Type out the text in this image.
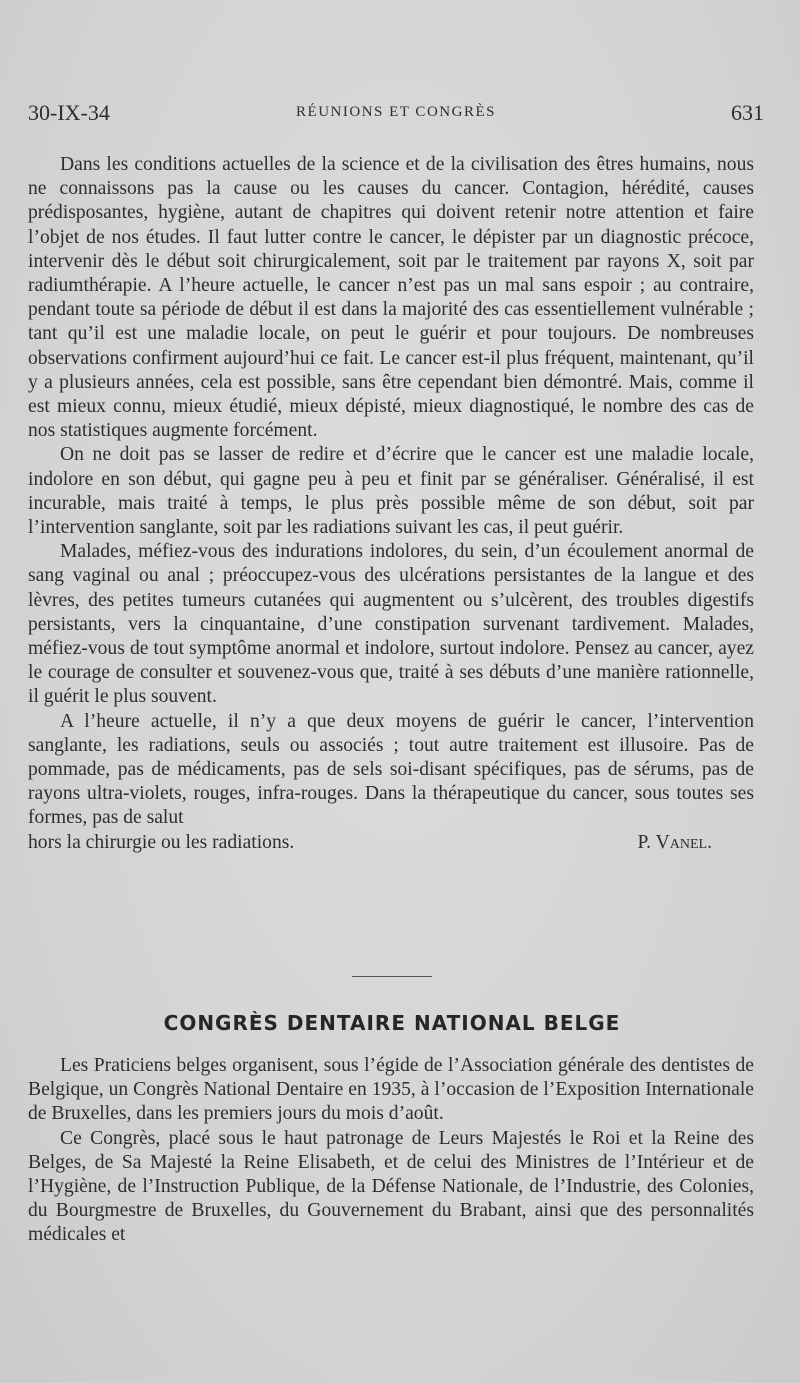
30-IX-34	RÉUNIONS ET CONGRÈS	631

Dans les conditions actuelles de la science et de la civilisation des êtres humains, nous ne connaissons pas la cause ou les causes du cancer. Contagion, hérédité, causes prédisposantes, hygiène, autant de chapitres qui doivent retenir notre attention et faire l’objet de nos études. Il faut lutter contre le cancer, le dépister par un diagnostic précoce, intervenir dès le début soit chirurgicalement, soit par le traitement par rayons X, soit par radiumthérapie. A l’heure actuelle, le cancer n’est pas un mal sans espoir ; au contraire, pendant toute sa période de début il est dans la majorité des cas essentiellement vulnérable ; tant qu’il est une maladie locale, on peut le guérir et pour toujours. De nombreuses observations confirment aujourd’hui ce fait. Le cancer est-il plus fréquent, maintenant, qu’il y a plusieurs années, cela est possible, sans être cependant bien démontré. Mais, comme il est mieux connu, mieux étudié, mieux dépisté, mieux diagnostiqué, le nombre des cas de nos statistiques augmente forcément.

On ne doit pas se lasser de redire et d’écrire que le cancer est une maladie locale, indolore en son début, qui gagne peu à peu et finit par se généraliser. Généralisé, il est incurable, mais traité à temps, le plus près possible même de son début, soit par l’intervention sanglante, soit par les radiations suivant les cas, il peut guérir.

Malades, méfiez-vous des indurations indolores, du sein, d’un écoulement anormal de sang vaginal ou anal ; préoccupez-vous des ulcérations persistantes de la langue et des lèvres, des petites tumeurs cutanées qui augmentent ou s’ulcèrent, des troubles digestifs persistants, vers la cinquantaine, d’une constipation survenant tardivement. Malades, méfiez-vous de tout symptôme anormal et indolore, surtout indolore. Pensez au cancer, ayez le courage de consulter et souvenez-vous que, traité à ses débuts d’une manière rationnelle, il guérit le plus souvent.

A l’heure actuelle, il n’y a que deux moyens de guérir le cancer, l’intervention sanglante, les radiations, seuls ou associés ; tout autre traitement est illusoire. Pas de pommade, pas de médicaments, pas de sels soi-disant spécifiques, pas de sérums, pas de rayons ultra-violets, rouges, infra-rouges. Dans la thérapeutique du cancer, sous toutes ses formes, pas de salut

hors la chirurgie ou les radiations.	P. Vanel.
CONGRÈS DENTAIRE NATIONAL BELGE

Les Praticiens belges organisent, sous l’égide de l’Association générale des dentistes de Belgique, un Congrès National Dentaire en 1935, à l’occasion de l’Exposition Internationale de Bruxelles, dans les premiers jours du mois d’août.

Ce Congrès, placé sous le haut patronage de Leurs Majestés le Roi et la Reine des Belges, de Sa Majesté la Reine Elisabeth, et de celui des Ministres de l’Intérieur et de l’Hygiène, de l’Instruction Publique, de la Défense Nationale, de l’Industrie, des Colonies, du Bourgmestre de Bruxelles, du Gouvernement du Brabant, ainsi que des personnalités médicales et
